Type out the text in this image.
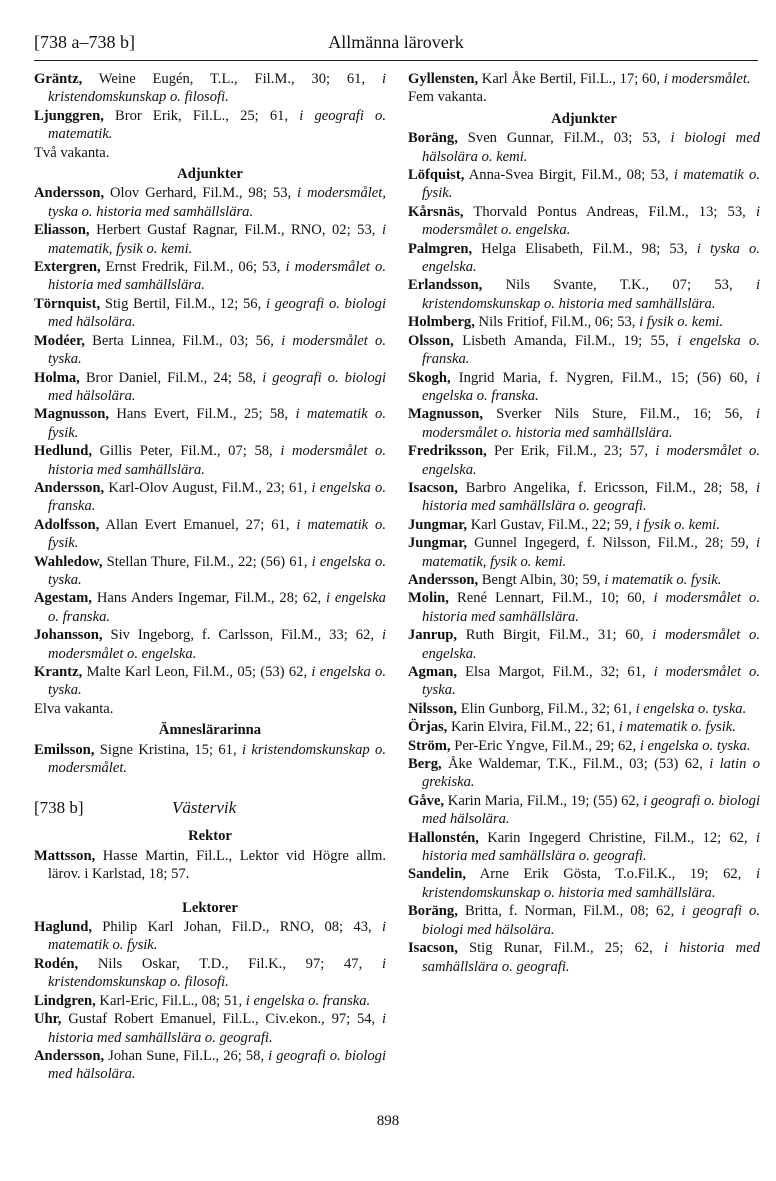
[738 a–738 b]	Allmänna läroverk

Gräntz, Weine Eugén, T.L., Fil.M., 30; 61, i kristendomskunskap o. filosofi.

Ljunggren, Bror Erik, Fil.L., 25; 61, i geografi o. matematik.

Två vakanta.

Adjunkter

Andersson, Olov Gerhard, Fil.M., 98; 53, i modersmålet, tyska o. historia med samhällslära.

Eliasson, Herbert Gustaf Ragnar, Fil.M., RNO, 02; 53, i matematik, fysik o. kemi.

Extergren, Ernst Fredrik, Fil.M., 06; 53, i modersmålet o. historia med samhällslära.

Törnquist, Stig Bertil, Fil.M., 12; 56, i geografi o. biologi med hälsolära.

Modéer, Berta Linnea, Fil.M., 03; 56, i modersmålet o. tyska.

Holma, Bror Daniel, Fil.M., 24; 58, i geografi o. biologi med hälsolära.

Magnusson, Hans Evert, Fil.M., 25; 58, i matematik o. fysik.

Hedlund, Gillis Peter, Fil.M., 07; 58, i modersmålet o. historia med samhällslära.

Andersson, Karl-Olov August, Fil.M., 23; 61, i engelska o. franska.

Adolfsson, Allan Evert Emanuel, 27; 61, i matematik o. fysik.

Wahledow, Stellan Thure, Fil.M., 22; (56) 61, i engelska o. tyska.

Agestam, Hans Anders Ingemar, Fil.M., 28; 62, i engelska o. franska.

Johansson, Siv Ingeborg, f. Carlsson, Fil.M., 33; 62, i modersmålet o. engelska.

Krantz, Malte Karl Leon, Fil.M., 05; (53) 62, i engelska o. tyska.

Elva vakanta.

Ämneslärarinna

Emilsson, Signe Kristina, 15; 61, i kristendomskunskap o. modersmålet.

[738 b]	Västervik
Rektor

Mattsson, Hasse Martin, Fil.L., Lektor vid Högre allm. lärov. i Karlstad, 18; 57.

Lektorer

Haglund, Philip Karl Johan, Fil.D., RNO, 08; 43, i matematik o. fysik.

Rodén, Nils Oskar, T.D., Fil.K., 97; 47, i kristendomskunskap o. filosofi.

Lindgren, Karl-Eric, Fil.L., 08; 51, i engelska o. franska.

Uhr, Gustaf Robert Emanuel, Fil.L., Civ.ekon., 97; 54, i historia med samhällslära o. geografi.

Andersson, Johan Sune, Fil.L., 26; 58, i geografi o. biologi med hälsolära.

Gyllensten, Karl Åke Bertil, Fil.L., 17; 60, i modersmålet.

Fem vakanta.

Adjunkter

Boräng, Sven Gunnar, Fil.M., 03; 53, i biologi med hälsolära o. kemi.

Löfquist, Anna-Svea Birgit, Fil.M., 08; 53, i matematik o. fysik.

Kårsnäs, Thorvald Pontus Andreas, Fil.M., 13; 53, i modersmålet o. engelska.

Palmgren, Helga Elisabeth, Fil.M., 98; 53, i tyska o. engelska.

Erlandsson, Nils Svante, T.K., 07; 53, i kristendomskunskap o. historia med samhällslära.

Holmberg, Nils Fritiof, Fil.M., 06; 53, i fysik o. kemi.

Olsson, Lisbeth Amanda, Fil.M., 19; 55, i engelska o. franska.

Skogh, Ingrid Maria, f. Nygren, Fil.M., 15; (56) 60, i engelska o. franska.

Magnusson, Sverker Nils Sture, Fil.M., 16; 56, i modersmålet o. historia med samhällslära.

Fredriksson, Per Erik, Fil.M., 23; 57, i modersmålet o. engelska.

Isacson, Barbro Angelika, f. Ericsson, Fil.M., 28; 58, i historia med samhällslära o. geografi.

Jungmar, Karl Gustav, Fil.M., 22; 59, i fysik o. kemi.

Jungmar, Gunnel Ingegerd, f. Nilsson, Fil.M., 28; 59, i matematik, fysik o. kemi.

Andersson, Bengt Albin, 30; 59, i matematik o. fysik.

Molin, René Lennart, Fil.M., 10; 60, i modersmålet o. historia med samhällslära.

Janrup, Ruth Birgit, Fil.M., 31; 60, i modersmålet o. engelska.

Agman, Elsa Margot, Fil.M., 32; 61, i modersmålet o. tyska.

Nilsson, Elin Gunborg, Fil.M., 32; 61, i engelska o. tyska.

Örjas, Karin Elvira, Fil.M., 22; 61, i matematik o. fysik.

Ström, Per-Eric Yngve, Fil.M., 29; 62, i engelska o. tyska.

Berg, Åke Waldemar, T.K., Fil.M., 03; (53) 62, i latin o grekiska.

Gåve, Karin Maria, Fil.M., 19; (55) 62, i geografi o. biologi med hälsolära.

Hallonstén, Karin Ingegerd Christine, Fil.M., 12; 62, i historia med samhällslära o. geografi.

Sandelin, Arne Erik Gösta, T.o.Fil.K., 19; 62, i kristendomskunskap o. historia med samhällslära.

Boräng, Britta, f. Norman, Fil.M., 08; 62, i geografi o. biologi med hälsolära.

Isacson, Stig Runar, Fil.M., 25; 62, i historia med samhällslära o. geografi.

898
